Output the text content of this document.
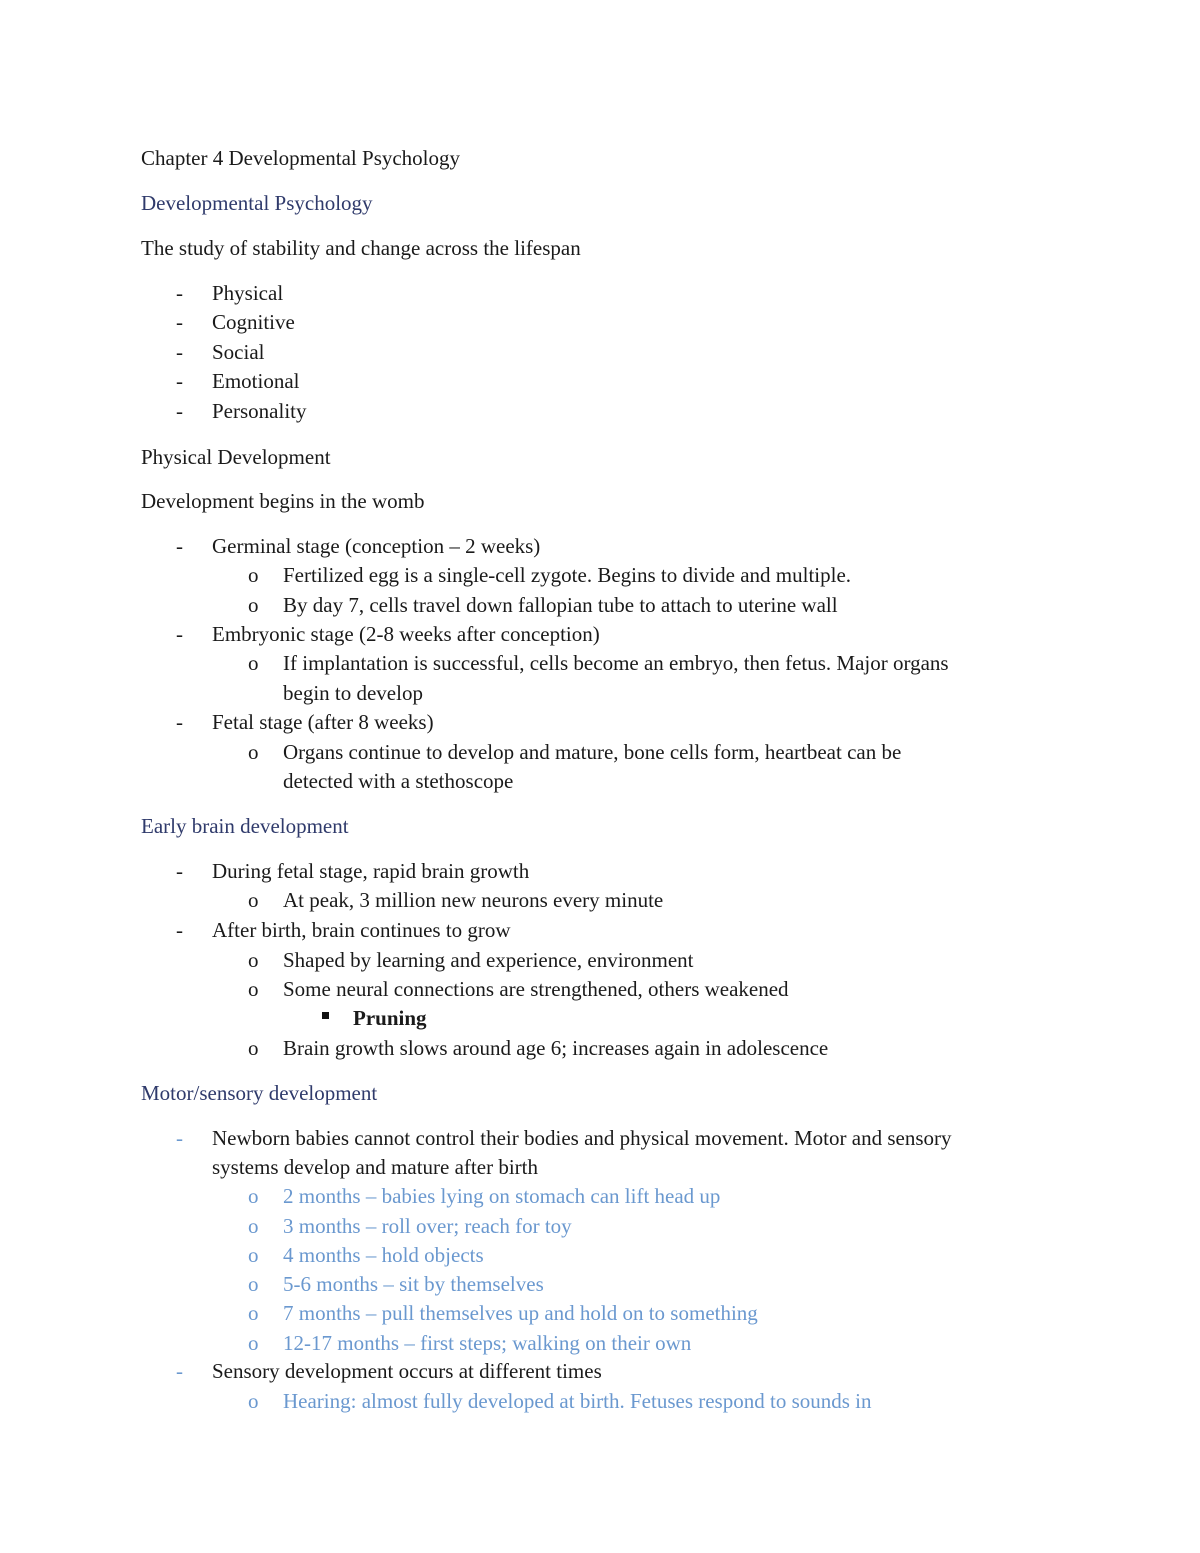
Chapter 4 Developmental Psychology
Developmental Psychology
The study of stability and change across the lifespan
- Physical
- Cognitive
- Social
- Emotional
- Personality
Physical Development
Development begins in the womb
- Germinal stage (conception – 2 weeks)
o Fertilized egg is a single-cell zygote. Begins to divide and multiple.
o By day 7, cells travel down fallopian tube to attach to uterine wall
- Embryonic stage (2-8 weeks after conception)
o If implantation is successful, cells become an embryo, then fetus. Major organs
begin to develop
- Fetal stage (after 8 weeks)
o Organs continue to develop and mature, bone cells form, heartbeat can be
detected with a stethoscope
Early brain development
- During fetal stage, rapid brain growth
o At peak, 3 million new neurons every minute
- After birth, brain continues to grow
o Shaped by learning and experience, environment
o Some neural connections are strengthened, others weakened
Pruning
o Brain growth slows around age 6; increases again in adolescence
Motor/sensory development
- Newborn babies cannot control their bodies and physical movement. Motor and sensory
systems develop and mature after birth
o 2 months – babies lying on stomach can lift head up
o 3 months – roll over; reach for toy
o 4 months – hold objects
o 5-6 months – sit by themselves
o 7 months – pull themselves up and hold on to something
o 12-17 months – first steps; walking on their own
- Sensory development occurs at different times
o Hearing: almost fully developed at birth. Fetuses respond to sounds in
